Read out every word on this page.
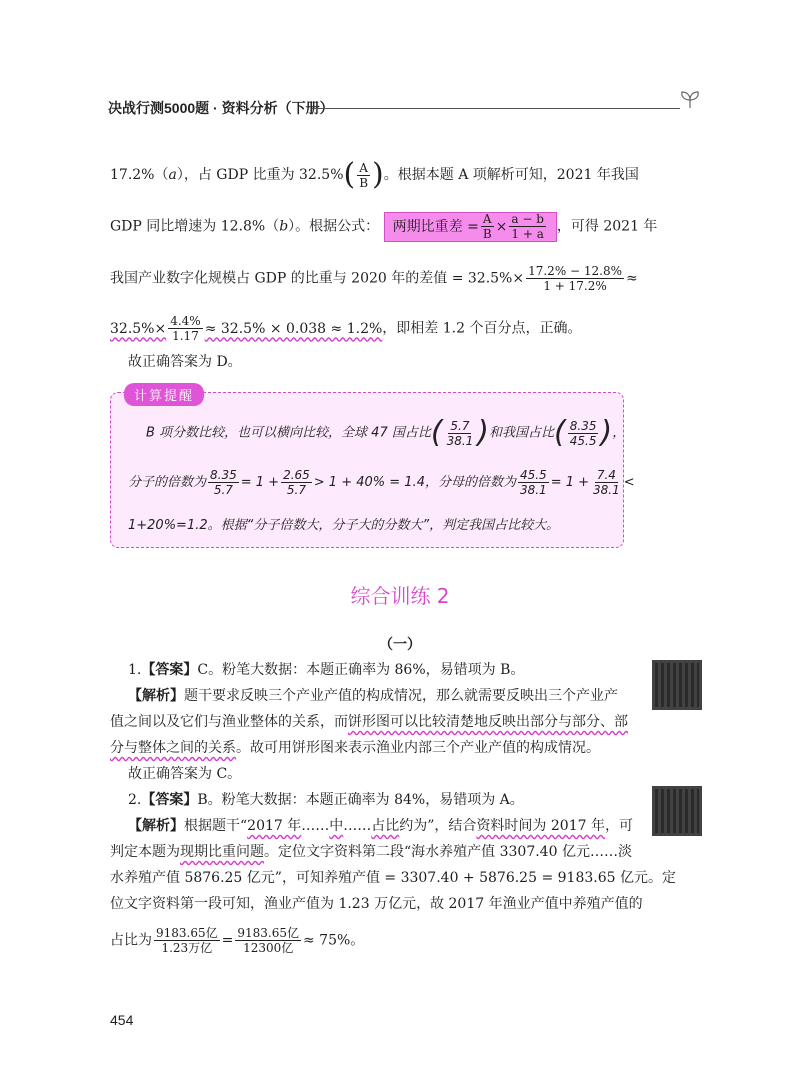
决战行测5000题 · 资料分析（下册）
17.2%（a），占 GDP 比重为 $32.5\%( \frac{A}{B}$ )。根据本题 A 项解析可知，2021 年我国
GDP 同比增速为 12.8%（b）。根据公式： 两期比重差 = $\frac{A}{B} \times \frac{a - b}{1 + a}$ ，可得 2021 年
我国产业数字化规模占 GDP 的比重与 2020 年的差值 = $32.5\%\times \frac{17.2\% - 12.8\%}{1 + 17.2\%}$ ≈
$32.5\%\times \frac{4.4\%}{1.17} \approx 32.5\% \times 0.038 \approx 1.2\%$，即相差 1.2 个百分点，正确。
故正确答案为 D。
计算提醒
B 项分数比较，也可以横向比较，全球 47 国占比( $\frac{5.7}{38.1}$ )和我国占比( $\frac{8.35}{45.5}$ )，
分子的倍数为 $\frac{8.35}{5.7} = 1 + \frac{2.65}{5.7} > 1 + 40\% = 1.4$，分母的倍数为 $\frac{45.5}{38.1} = 1 + \frac{7.4}{38.1}$ <
1+20%=1.2。根据“分子倍数大，分子大的分数大”，判定我国占比较大。
综合训练 2
（一）
1.【答案】C。粉笔大数据：本题正确率为 86%，易错项为 B。
【解析】题干要求反映三个产业产值的构成情况，那么就需要反映出三个产业产
值之间以及它们与渔业整体的关系，而饼形图可以比较清楚地反映出部分与部分、部
分与整体之间的关系。故可用饼形图来表示渔业内部三个产业产值的构成情况。
故正确答案为 C。
2.【答案】B。粉笔大数据：本题正确率为 84%，易错项为 A。
【解析】根据题干“2017 年……中……占比约为”，结合资料时间为 2017 年，可
判定本题为现期比重问题。定位文字资料第二段“海水养殖产值 3307.40 亿元……淡
水养殖产值 5876.25 亿元”，可知养殖产值 = 3307.40 + 5876.25 = 9183.65 亿元。定
位文字资料第一段可知，渔业产值为 1.23 万亿元，故 2017 年渔业产值中养殖产值的
占比为 $\frac{\text{9183.65亿}}{\text{1.23万亿}} = \frac{\text{9183.65亿}}{\text{12300亿}} \approx 75\%$。
454
